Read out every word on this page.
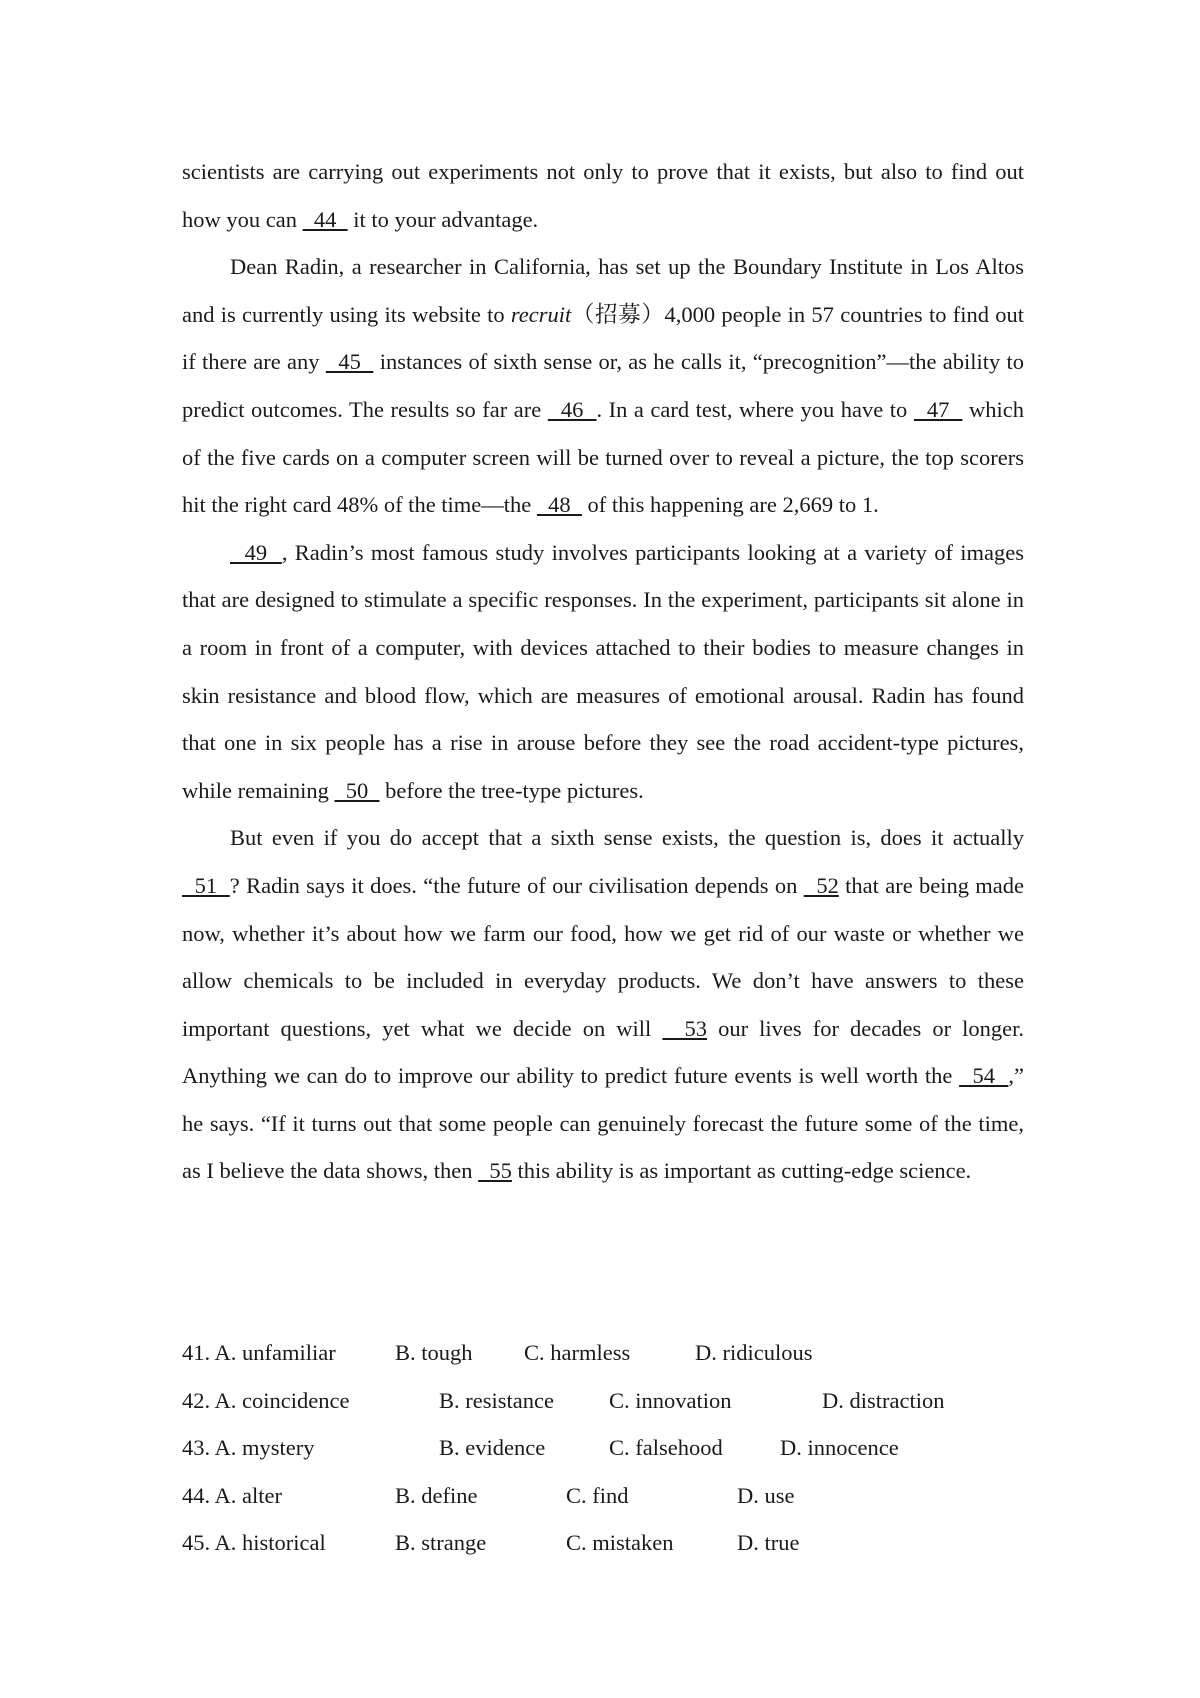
scientists are carrying out experiments not only to prove that it exists, but also to find out how you can   44   it to your advantage.

Dean Radin, a researcher in California, has set up the Boundary Institute in Los Altos and is currently using its website to recruit（招募）4,000 people in 57 countries to find out if there are any   45   instances of sixth sense or, as he calls it, “precognition”—the ability to predict outcomes. The results so far are   46  . In a card test, where you have to   47   which of the five cards on a computer screen will be turned over to reveal a picture, the top scorers hit the right card 48% of the time—the   48   of this happening are 2,669 to 1.

49  , Radin’s most famous study involves participants looking at a variety of images that are designed to stimulate a specific responses. In the experiment, participants sit alone in a room in front of a computer, with devices attached to their bodies to measure changes in skin resistance and blood flow, which are measures of emotional arousal. Radin has found that one in six people has a rise in arouse before they see the road accident-type pictures, while remaining   50   before the tree-type pictures.

But even if you do accept that a sixth sense exists, the question is, does it actually   51  ? Radin says it does. “the future of our civilisation depends on   52 that are being made now, whether it’s about how we farm our food, how we get rid of our waste or whether we allow chemicals to be included in everyday products. We don’t have answers to these important questions, yet what we decide on will   53 our lives for decades or longer. Anything we can do to improve our ability to predict future events is well worth the   54  ,” he says. “If it turns out that some people can genuinely forecast the future some of the time, as I believe the data shows, then   55 this ability is as important as cutting-edge science.

41. A. unfamiliar	B. tough C. harmless	D. ridiculous
42. A. coincidence	B. resistance C. innovation	D. distraction
43. A. mystery	B. evidence	C. falsehood	D. innocence
44. A. alter	B. define	C. find	D. use
45. A. historical	B. strange	C. mistaken	D. true
